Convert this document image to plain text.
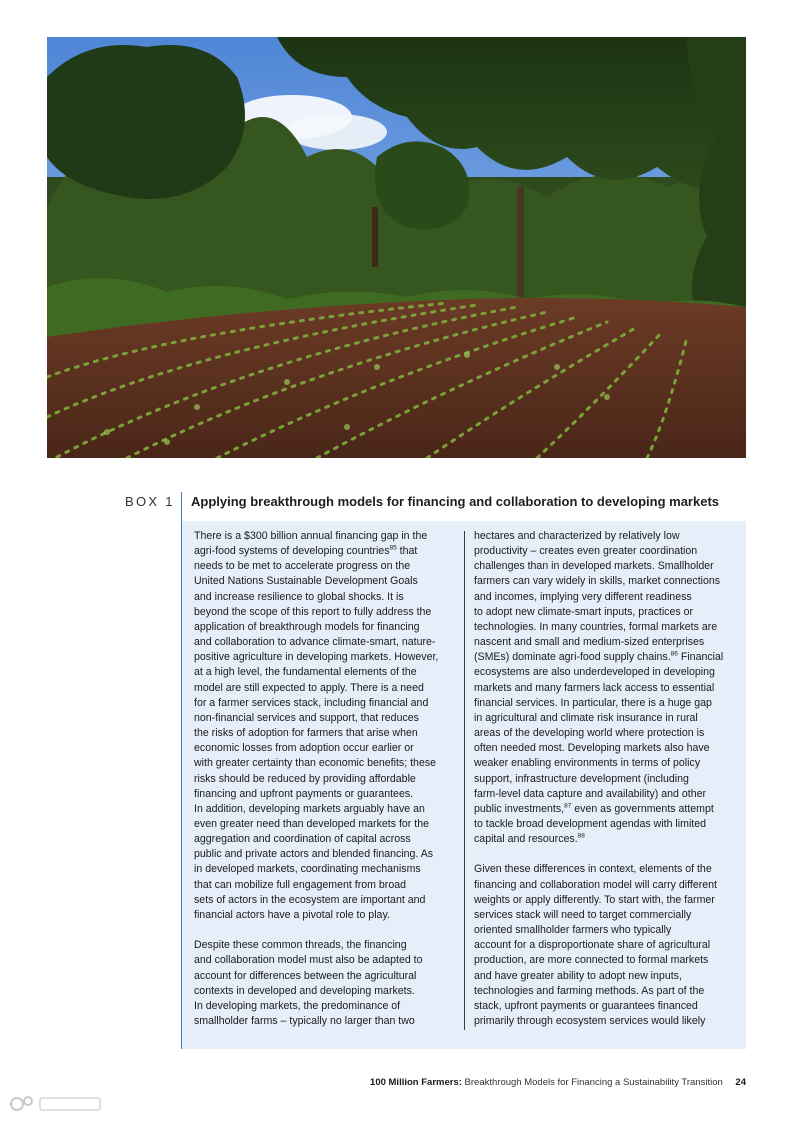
BOX 1 Applying breakthrough models for financing and collaboration to developing markets

There is a $300 billion annual financing gap in the
agri-food systems of developing countries$^{85}$ that
needs to be met to accelerate progress on the
United Nations Sustainable Development Goals
and increase resilience to global shocks. It is
beyond the scope of this report to fully address the
application of breakthrough models for financing
and collaboration to advance climate-smart, nature-
positive agriculture in developing markets. However,
at a high level, the fundamental elements of the
model are still expected to apply. There is a need
for a farmer services stack, including financial and
non-financial services and support, that reduces
the risks of adoption for farmers that arise when
economic losses from adoption occur earlier or
with greater certainty than economic benefits; these
risks should be reduced by providing affordable
financing and upfront payments or guarantees.
In addition, developing markets arguably have an
even greater need than developed markets for the
aggregation and coordination of capital across
public and private actors and blended financing. As
in developed markets, coordinating mechanisms
that can mobilize full engagement from broad
sets of actors in the ecosystem are important and
financial actors have a pivotal role to play.

Despite these common threads, the financing
and collaboration model must also be adapted to
account for differences between the agricultural
contexts in developed and developing markets.
In developing markets, the predominance of
smallholder farms – typically no larger than two

hectares and characterized by relatively low
productivity – creates even greater coordination
challenges than in developed markets. Smallholder
farmers can vary widely in skills, market connections
and incomes, implying very different readiness
to adopt new climate-smart inputs, practices or
technologies. In many countries, formal markets are
nascent and small and medium-sized enterprises
(SMEs) dominate agri-food supply chains.$^{86}$ Financial
ecosystems are also underdeveloped in developing
markets and many farmers lack access to essential
financial services. In particular, there is a huge gap
in agricultural and climate risk insurance in rural
areas of the developing world where protection is
often needed most. Developing markets also have
weaker enabling environments in terms of policy
support, infrastructure development (including
farm-level data capture and availability) and other
public investments,$^{87}$ even as governments attempt
to tackle broad development agendas with limited
capital and resources.$^{88}$

Given these differences in context, elements of the
financing and collaboration model will carry different
weights or apply differently. To start with, the farmer
services stack will need to target commercially
oriented smallholder farmers who typically
account for a disproportionate share of agricultural
production, are more connected to formal markets
and have greater ability to adopt new inputs,
technologies and farming methods. As part of the
stack, upfront payments or guarantees financed
primarily through ecosystem services would likely

100 Million Farmers: Breakthrough Models for Financing a Sustainability Transition 24
